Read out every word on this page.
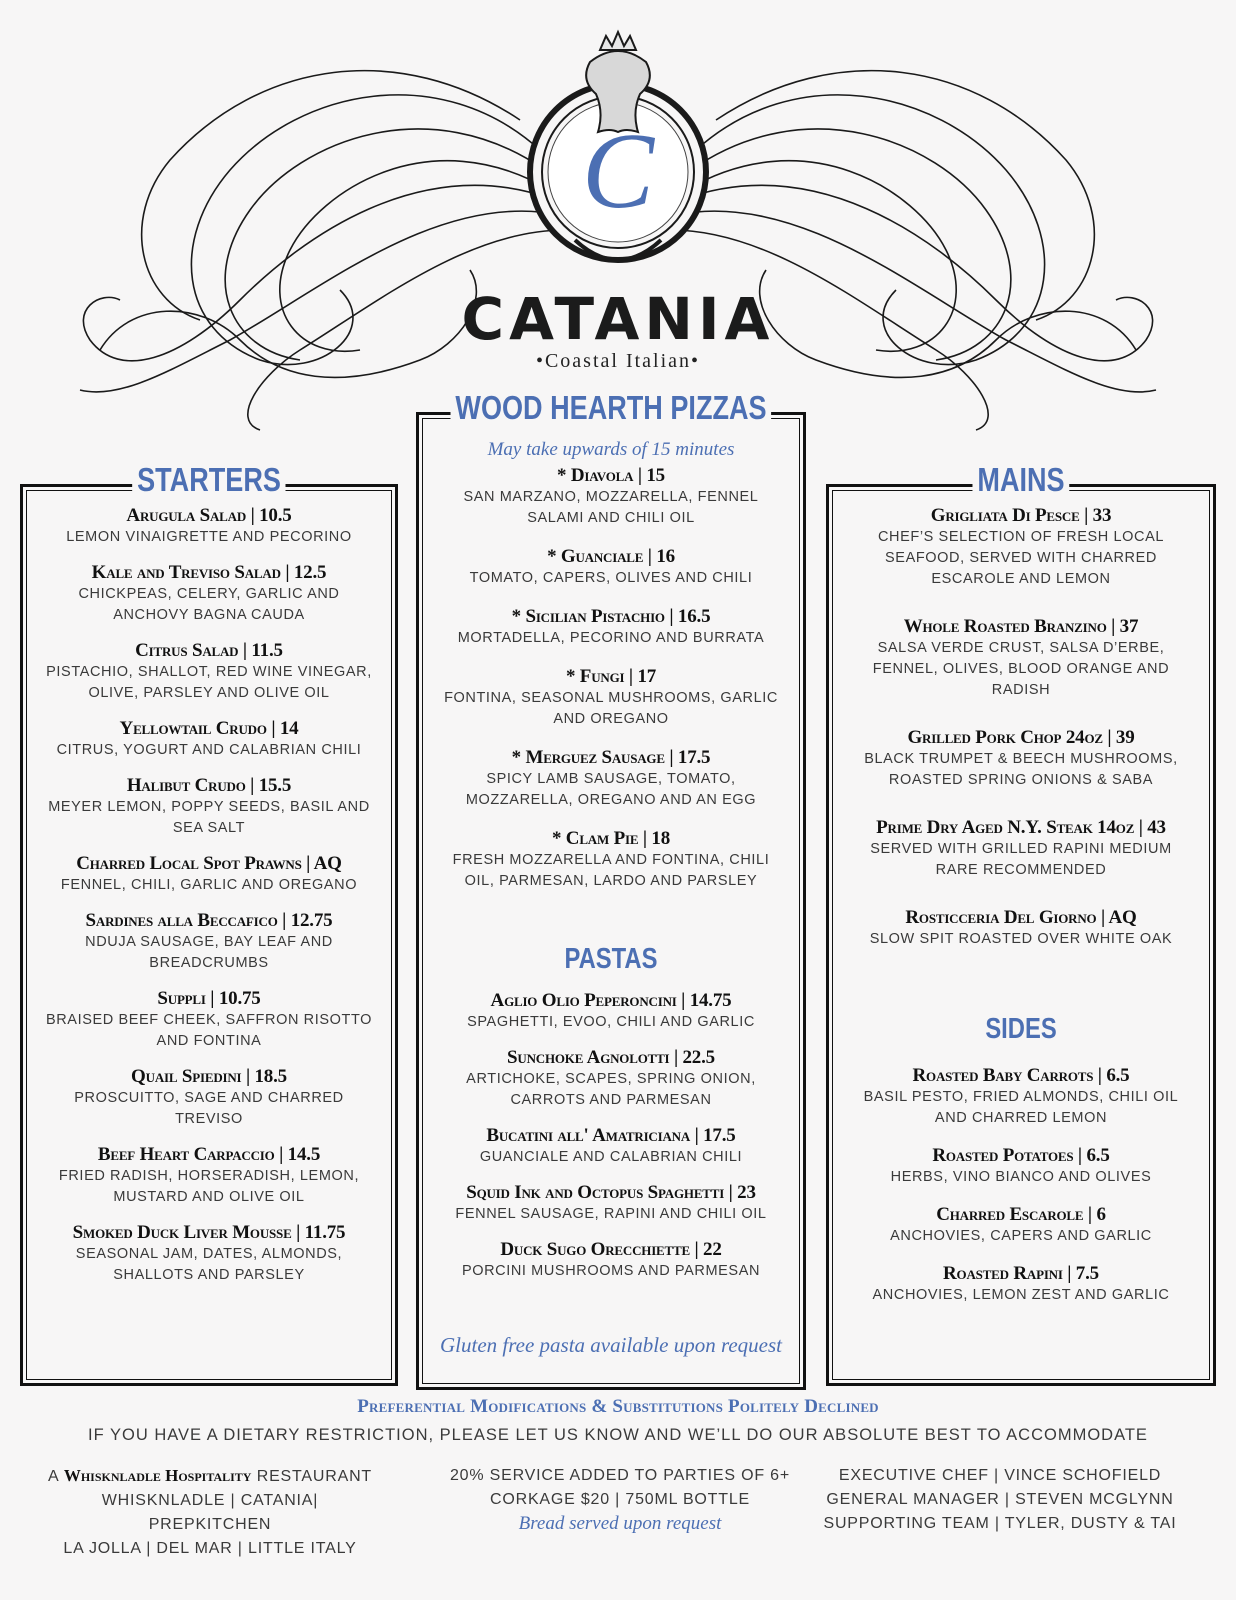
C
CATANIA
•Coastal Italian•
STARTERS
Arugula Salad | 10.5
LEMON VINAIGRETTE AND PECORINO
Kale and Treviso Salad | 12.5
CHICKPEAS, CELERY, GARLIC AND ANCHOVY BAGNA CAUDA
Citrus Salad | 11.5
PISTACHIO, SHALLOT, RED WINE VINEGAR, OLIVE, PARSLEY AND OLIVE OIL
Yellowtail Crudo | 14
CITRUS, YOGURT AND CALABRIAN CHILI
Halibut Crudo | 15.5
MEYER LEMON, POPPY SEEDS, BASIL AND SEA SALT
Charred Local Spot Prawns | AQ
FENNEL, CHILI, GARLIC AND OREGANO
Sardines alla Beccafico | 12.75
NDUJA SAUSAGE, BAY LEAF AND BREADCRUMBS
Suppli | 10.75
BRAISED BEEF CHEEK, SAFFRON RISOTTO AND FONTINA
Quail Spiedini | 18.5
PROSCUITTO, SAGE AND CHARRED TREVISO
Beef Heart Carpaccio | 14.5
FRIED RADISH, HORSERADISH, LEMON, MUSTARD AND OLIVE OIL
Smoked Duck Liver Mousse | 11.75
SEASONAL JAM, DATES, ALMONDS, SHALLOTS AND PARSLEY
WOOD HEARTH PIZZAS
May take upwards of 15 minutes
* Diavola | 15
SAN MARZANO, MOZZARELLA, FENNEL SALAMI AND CHILI OIL
* Guanciale | 16
TOMATO, CAPERS, OLIVES AND CHILI
* Sicilian Pistachio | 16.5
MORTADELLA, PECORINO AND BURRATA
* Fungi | 17
FONTINA, SEASONAL MUSHROOMS, GARLIC AND OREGANO
* Merguez Sausage | 17.5
SPICY LAMB SAUSAGE, TOMATO, MOZZARELLA, OREGANO AND AN EGG
* Clam Pie | 18
FRESH MOZZARELLA AND FONTINA, CHILI OIL, PARMESAN, LARDO AND PARSLEY
PASTAS
Aglio Olio Peperoncini | 14.75
SPAGHETTI, EVOO, CHILI AND GARLIC
Sunchoke Agnolotti | 22.5
ARTICHOKE, SCAPES, SPRING ONION, CARROTS AND PARMESAN
Bucatini all' Amatriciana | 17.5
GUANCIALE AND CALABRIAN CHILI
Squid Ink and Octopus Spaghetti | 23
FENNEL SAUSAGE, RAPINI AND CHILI OIL
Duck Sugo Orecchiette | 22
PORCINI MUSHROOMS AND PARMESAN
Gluten free pasta available upon request
MAINS
Grigliata Di Pesce | 33
CHEF’S SELECTION OF FRESH LOCAL SEAFOOD, SERVED WITH CHARRED ESCAROLE AND LEMON
Whole Roasted Branzino | 37
SALSA VERDE CRUST, SALSA D’ERBE, FENNEL, OLIVES, BLOOD ORANGE AND RADISH
Grilled Pork Chop 24oz | 39
BLACK TRUMPET & BEECH MUSHROOMS, ROASTED SPRING ONIONS & SABA
Prime Dry Aged N.Y. Steak 14oz | 43
SERVED WITH GRILLED RAPINI MEDIUM RARE RECOMMENDED
Rosticceria Del Giorno | AQ
SLOW SPIT ROASTED OVER WHITE OAK
SIDES
Roasted Baby Carrots | 6.5
BASIL PESTO, FRIED ALMONDS, CHILI OIL AND CHARRED LEMON
Roasted Potatoes | 6.5
HERBS, VINO BIANCO AND OLIVES
Charred Escarole | 6
ANCHOVIES, CAPERS AND GARLIC
Roasted Rapini | 7.5
ANCHOVIES, LEMON ZEST AND GARLIC
Preferential Modifications & Substitutions Politely Declined
IF YOU HAVE A DIETARY RESTRICTION, PLEASE LET US KNOW AND WE’LL DO OUR ABSOLUTE BEST TO ACCOMMODATE
A Whisknladle Hospitality RESTAURANT
WHISKNLADLE | CATANIA| PREPKITCHEN
LA JOLLA | DEL MAR | LITTLE ITALY
20% SERVICE ADDED TO PARTIES OF 6+
CORKAGE $20 | 750ML BOTTLE
Bread served upon request
EXECUTIVE CHEF | VINCE SCHOFIELD
GENERAL MANAGER | STEVEN MCGLYNN
SUPPORTING TEAM | TYLER, DUSTY & TAI
